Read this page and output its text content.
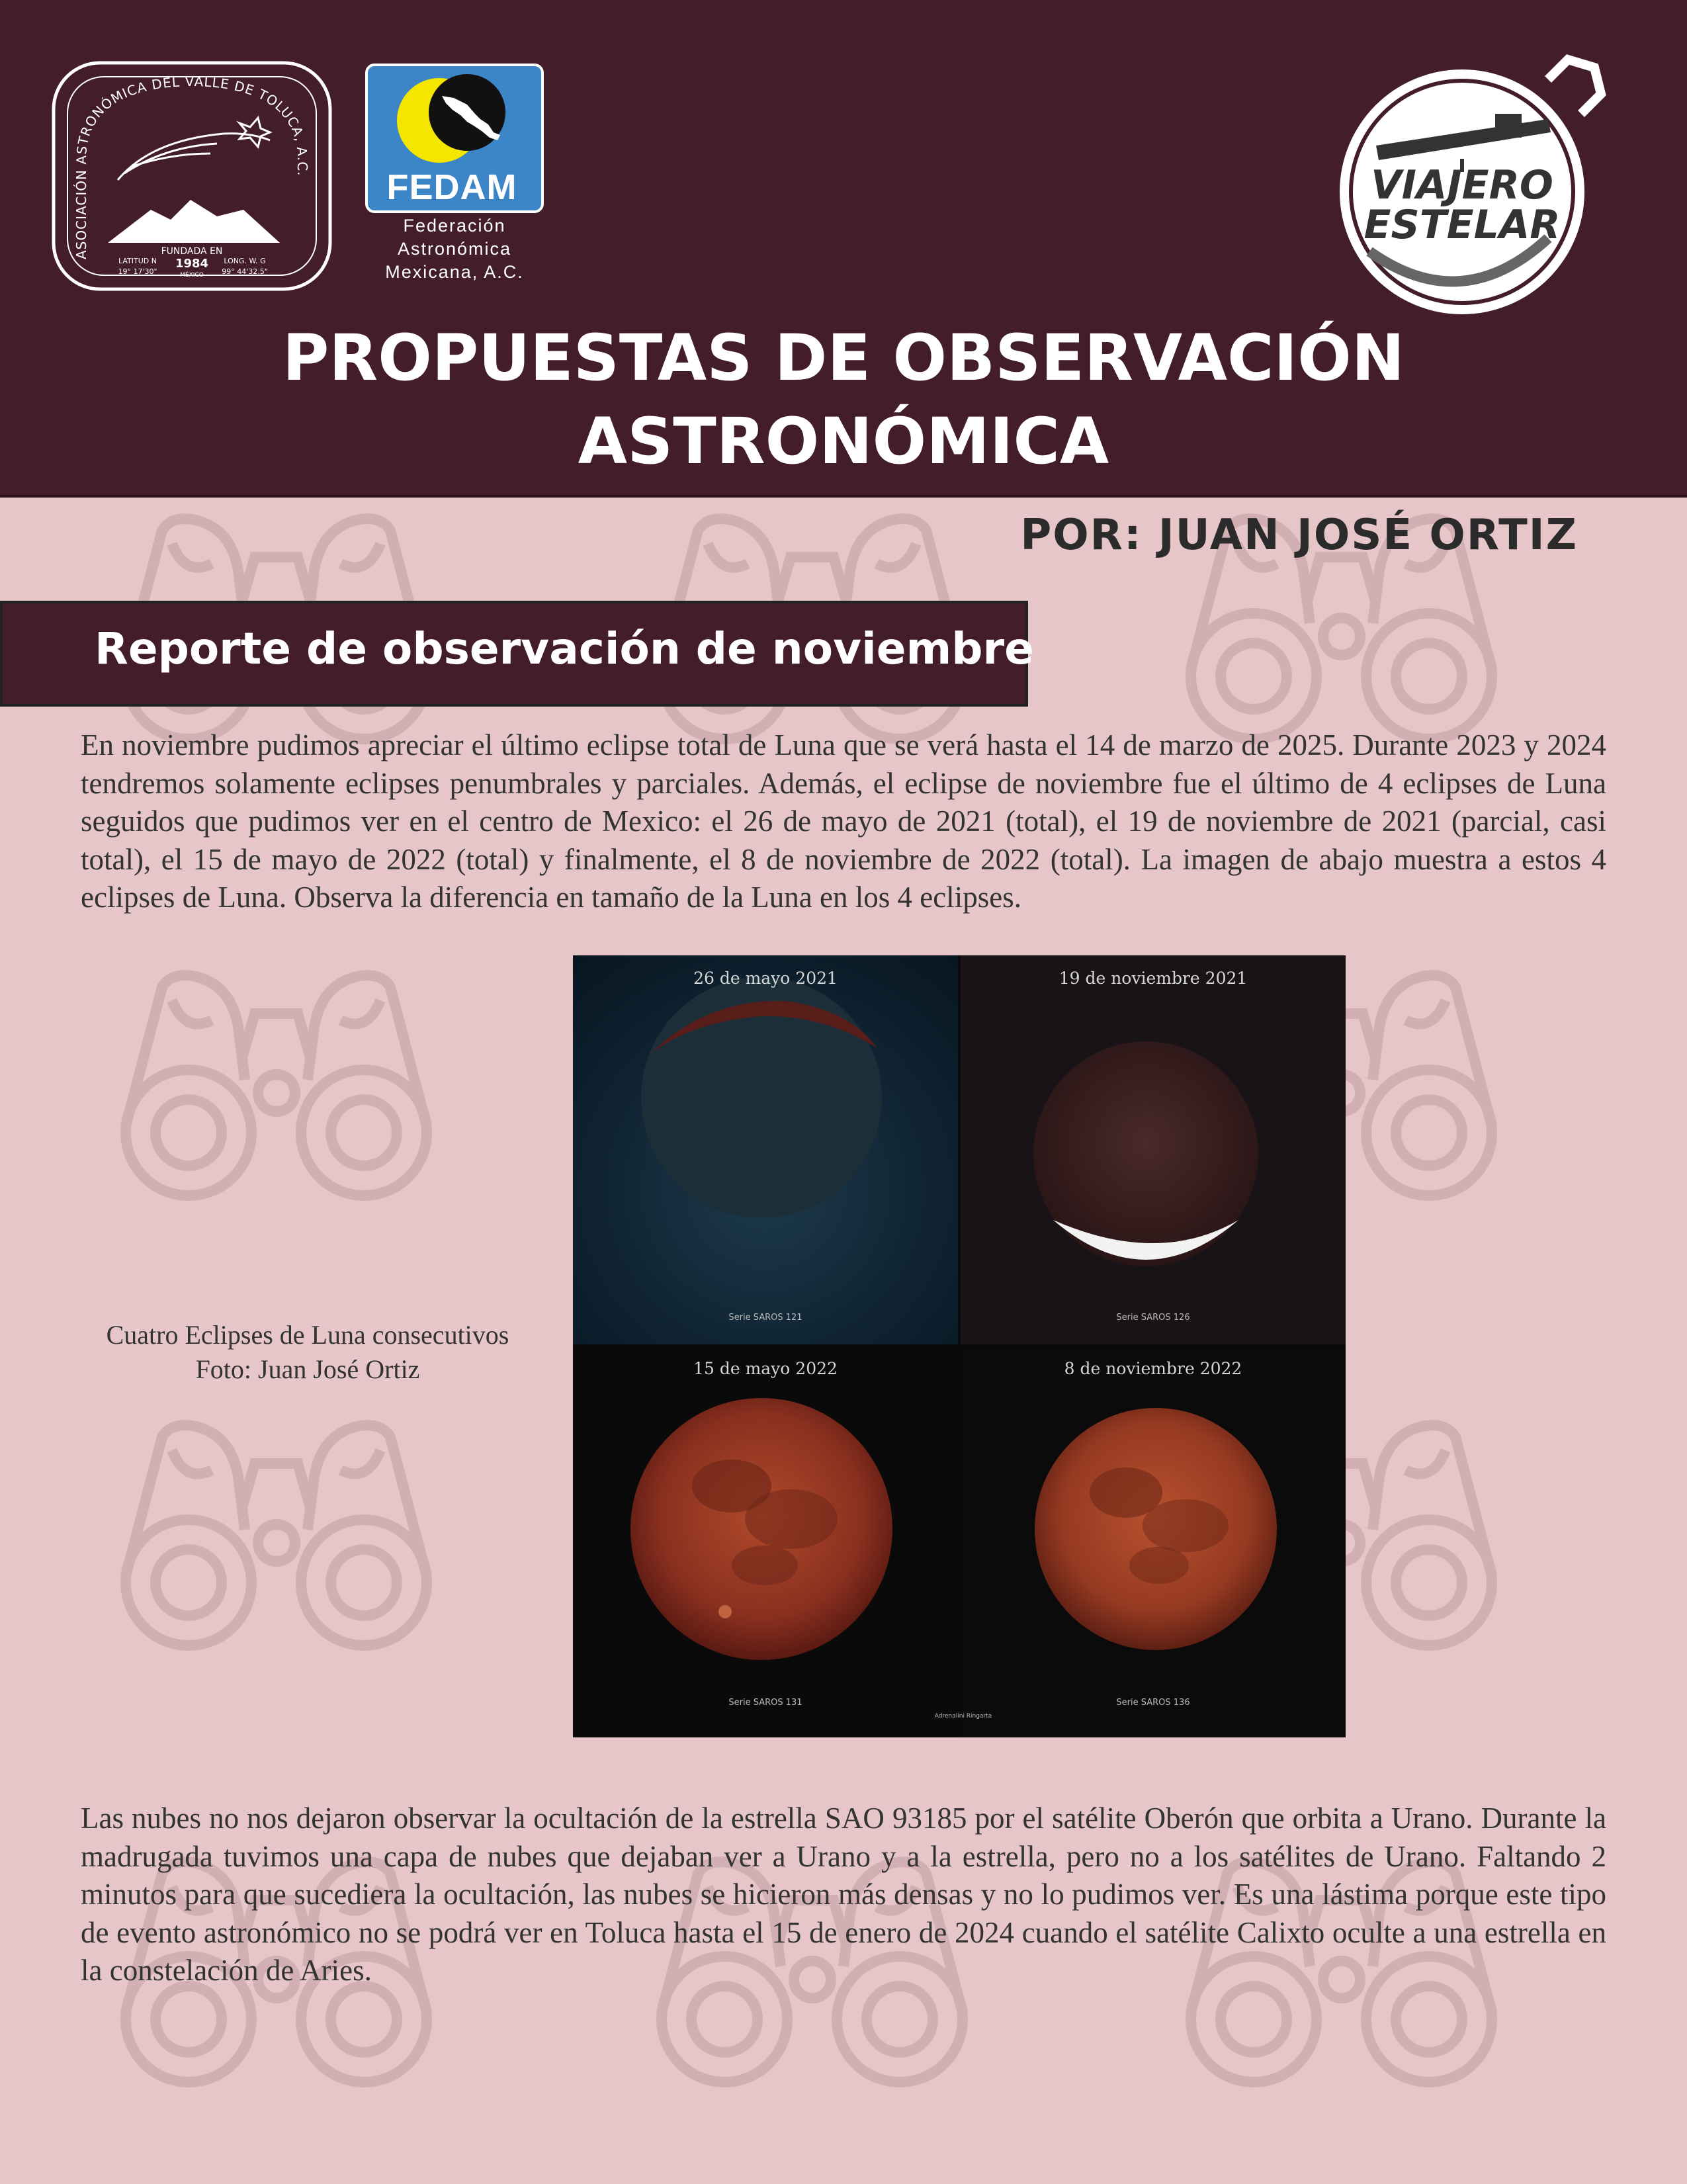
ASOCIACIÓN ASTRONÓMICA DEL VALLE DE TOLUCA, A.C.
FUNDADA EN
1984
LATITUD N
19° 17'30"	MÉXICO
LONG. W. G
99° 44'32.5"
FEDAM
Federación
Astronómica
Mexicana, A.C.
VIAJERO
ESTELAR
PROPUESTAS DE OBSERVACIÓN
ASTRONÓMICA
POR: JUAN JOSÉ ORTIZ
Reporte de observación de noviembre

En noviembre pudimos apreciar el último eclipse total de Luna que se verá hasta el 14 de marzo de 2025. Durante 2023 y 2024 tendremos solamente eclipses penumbrales y parciales. Además, el eclipse de noviembre fue el último de 4 eclipses de Luna seguidos que pudimos ver en el centro de Mexico: el 26 de mayo de 2021 (total), el 19 de noviembre de 2021 (parcial, casi total), el 15 de mayo de 2022 (total) y finalmente, el 8 de noviembre de 2022 (total). La imagen de abajo muestra a estos 4 eclipses de Luna. Observa la diferencia en tamaño de la Luna en los 4 eclipses.

26 de mayo 2021
Serie SAROS 121
19 de noviembre 2021
Serie SAROS 126
15 de mayo 2022
Serie SAROS 131
8 de noviembre 2022
Serie SAROS 136
Adrenalini Ringarta
Cuatro Eclipses de Luna consecutivos
Foto: Juan José Ortiz

Las nubes no nos dejaron observar la ocultación de la estrella SAO 93185 por el satélite Oberón que orbita a Urano. Durante la madrugada tuvimos una capa de nubes que dejaban ver a Urano y a la estrella, pero no a los satélites de Urano. Faltando 2 minutos para que sucediera la ocultación, las nubes se hicieron más densas y no lo pudimos ver. Es una lástima porque este tipo de evento astronómico no se podrá ver en Toluca hasta el 15 de enero de 2024 cuando el satélite Calixto oculte a una estrella en la constelación de Aries.
